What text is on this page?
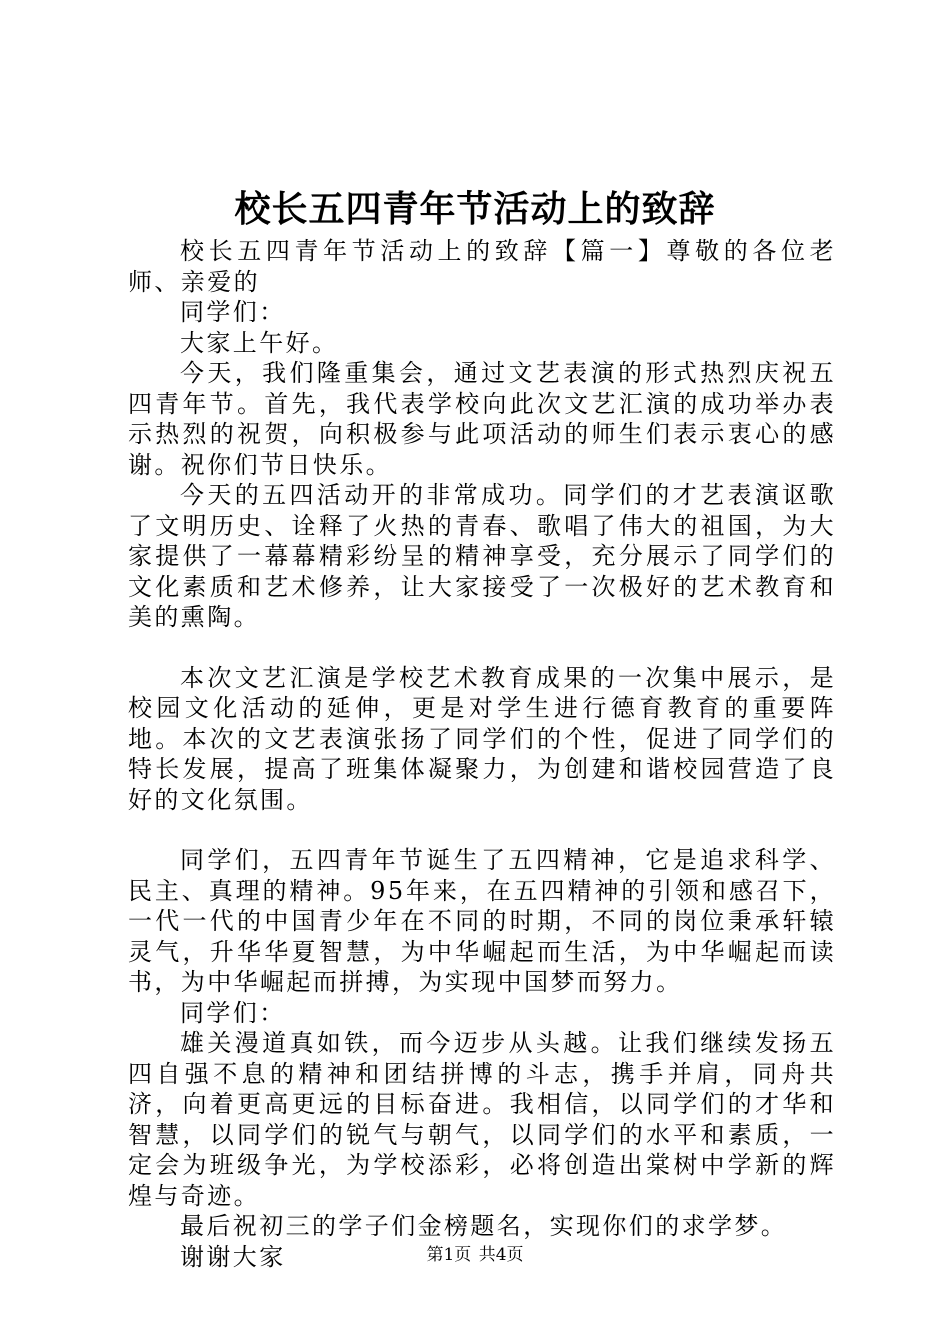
校长五四青年节活动上的致辞

校长五四青年节活动上的致辞【篇一】尊敬的各位老师、亲爱的

同学们：

大家上午好。

今天，我们隆重集会，通过文艺表演的形式热烈庆祝五四青年节。首先，我代表学校向此次文艺汇演的成功举办表示热烈的祝贺，向积极参与此项活动的师生们表示衷心的感谢。祝你们节日快乐。

今天的五四活动开的非常成功。同学们的才艺表演讴歌了文明历史、诠释了火热的青春、歌唱了伟大的祖国，为大家提供了一幕幕精彩纷呈的精神享受，充分展示了同学们的文化素质和艺术修养，让大家接受了一次极好的艺术教育和美的熏陶。

本次文艺汇演是学校艺术教育成果的一次集中展示，是校园文化活动的延伸，更是对学生进行德育教育的重要阵地。本次的文艺表演张扬了同学们的个性，促进了同学们的特长发展，提高了班集体凝聚力，为创建和谐校园营造了良好的文化氛围。

同学们，五四青年节诞生了五四精神，它是追求科学、民主、真理的精神。95年来，在五四精神的引领和感召下，一代一代的中国青少年在不同的时期，不同的岗位秉承轩辕灵气，升华华夏智慧，为中华崛起而生活，为中华崛起而读书，为中华崛起而拼搏，为实现中国梦而努力。

同学们：

雄关漫道真如铁，而今迈步从头越。让我们继续发扬五四自强不息的精神和团结拼博的斗志，携手并肩，同舟共济，向着更高更远的目标奋进。我相信，以同学们的才华和智慧，以同学们的锐气与朝气，以同学们的水平和素质，一定会为班级争光，为学校添彩，必将创造出棠树中学新的辉煌与奇迹。

最后祝初三的学子们金榜题名，实现你们的求学梦。

谢谢大家	第1页 共4页
